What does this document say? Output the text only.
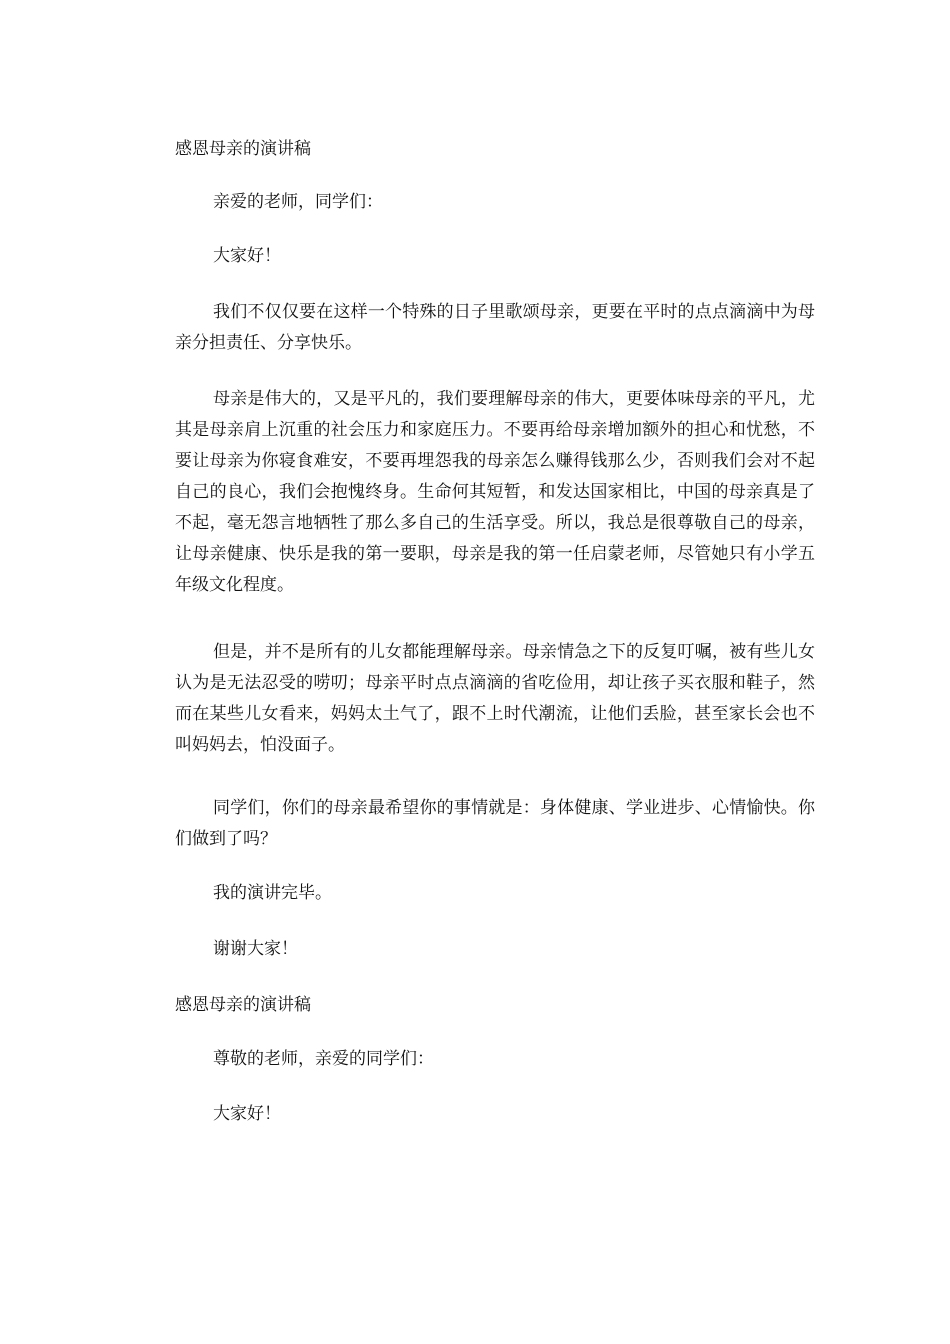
感恩母亲的演讲稿
亲爱的老师，同学们：
大家好！
我们不仅仅要在这样一个特殊的日子里歌颂母亲，更要在平时的点点滴滴中为母亲分担责任、分享快乐。
母亲是伟大的，又是平凡的，我们要理解母亲的伟大，更要体味母亲的平凡，尤其是母亲肩上沉重的社会压力和家庭压力。不要再给母亲增加额外的担心和忧愁，不要让母亲为你寝食难安，不要再埋怨我的母亲怎么赚得钱那么少，否则我们会对不起自己的良心，我们会抱愧终身。生命何其短暂，和发达国家相比，中国的母亲真是了不起，毫无怨言地牺牲了那么多自己的生活享受。所以，我总是很尊敬自己的母亲，让母亲健康、快乐是我的第一要职，母亲是我的第一任启蒙老师，尽管她只有小学五年级文化程度。
但是，并不是所有的儿女都能理解母亲。母亲情急之下的反复叮嘱，被有些儿女认为是无法忍受的唠叨；母亲平时点点滴滴的省吃俭用，却让孩子买衣服和鞋子，然而在某些儿女看来，妈妈太土气了，跟不上时代潮流，让他们丢脸，甚至家长会也不叫妈妈去，怕没面子。
同学们，你们的母亲最希望你的事情就是：身体健康、学业进步、心情愉快。你们做到了吗？
我的演讲完毕。
谢谢大家！
感恩母亲的演讲稿
尊敬的老师，亲爱的同学们：
大家好！
